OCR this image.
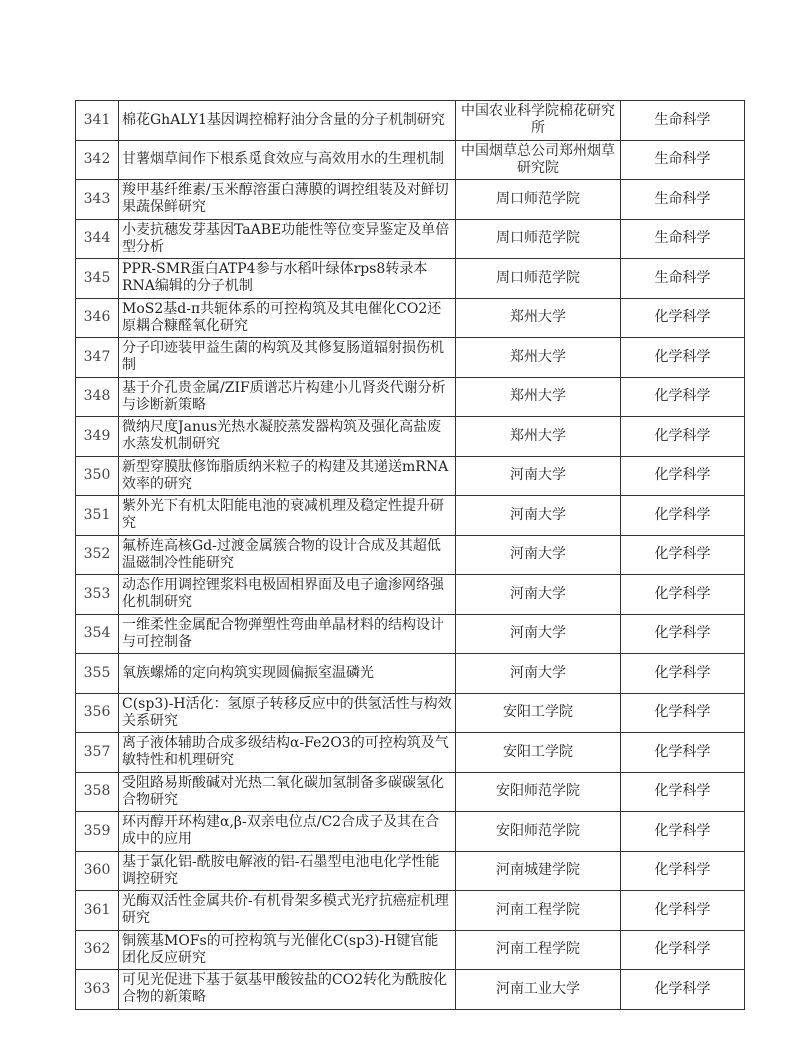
341	棉花GhALY1基因调控棉籽油分含量的分子机制研究	中国农业科学院棉花研究所	生命科学
342	甘薯烟草间作下根系觅食效应与高效用水的生理机制	中国烟草总公司郑州烟草研究院	生命科学
343	羧甲基纤维素/玉米醇溶蛋白薄膜的调控组装及对鲜切果蔬保鲜研究	周口师范学院	生命科学
344	小麦抗穗发芽基因TaABE功能性等位变异鉴定及单倍型分析	周口师范学院	生命科学
345	PPR-SMR蛋白ATP4参与水稻叶绿体rps8转录本RNA编辑的分子机制	周口师范学院	生命科学
346	MoS2基d-π共轭体系的可控构筑及其电催化CO2还原耦合糠醛氧化研究	郑州大学	化学科学
347	分子印迹装甲益生菌的构筑及其修复肠道辐射损伤机制	郑州大学	化学科学
348	基于介孔贵金属/ZIF质谱芯片构建小儿肾炎代谢分析与诊断新策略	郑州大学	化学科学
349	微纳尺度Janus光热水凝胶蒸发器构筑及强化高盐废水蒸发机制研究	郑州大学	化学科学
350	新型穿膜肽修饰脂质纳米粒子的构建及其递送mRNA效率的研究	河南大学	化学科学
351	紫外光下有机太阳能电池的衰减机理及稳定性提升研究	河南大学	化学科学
352	氟桥连高核Gd-过渡金属簇合物的设计合成及其超低温磁制冷性能研究	河南大学	化学科学
353	动态作用调控锂浆料电极固相界面及电子逾渗网络强化机制研究	河南大学	化学科学
354	一维柔性金属配合物弹塑性弯曲单晶材料的结构设计与可控制备	河南大学	化学科学
355	氧族螺烯的定向构筑实现圆偏振室温磷光	河南大学	化学科学
356	C(sp3)-H活化：氢原子转移反应中的供氢活性与构效关系研究	安阳工学院	化学科学
357	离子液体辅助合成多级结构α-Fe2O3的可控构筑及气敏特性和机理研究	安阳工学院	化学科学
358	受阻路易斯酸碱对光热二氧化碳加氢制备多碳碳氢化合物研究	安阳师范学院	化学科学
359	环丙醇开环构建α,β-双亲电位点/C2合成子及其在合成中的应用	安阳师范学院	化学科学
360	基于氯化铝-酰胺电解液的铝-石墨型电池电化学性能调控研究	河南城建学院	化学科学
361	光酶双活性金属共价-有机骨架多模式光疗抗癌症机理研究	河南工程学院	化学科学
362	铜簇基MOFs的可控构筑与光催化C(sp3)-H键官能团化反应研究	河南工程学院	化学科学
363	可见光促进下基于氨基甲酸铵盐的CO2转化为酰胺化合物的新策略	河南工业大学	化学科学
